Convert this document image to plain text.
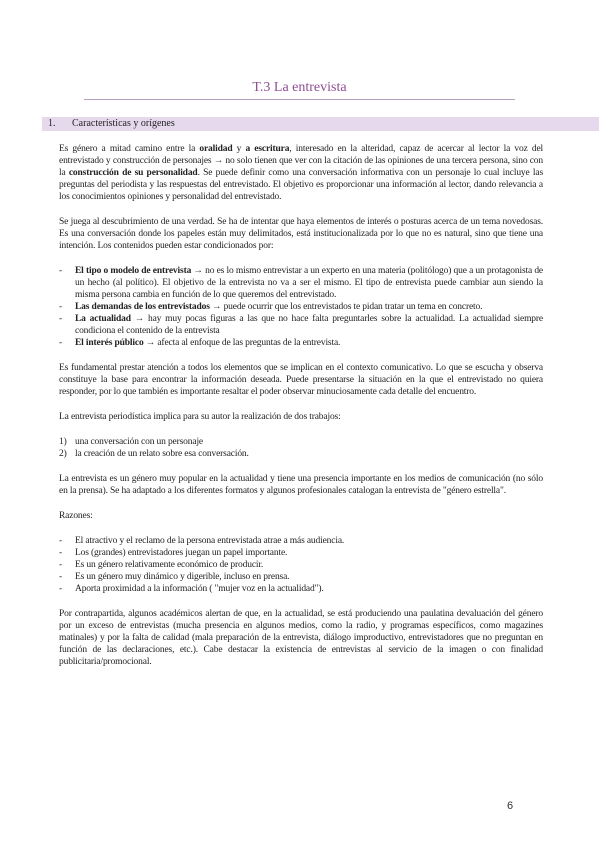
T.3 La entrevista
1. Características y orígenes

Es género a mitad camino entre la oralidad y a escritura, interesado en la alteridad, capaz de acercar al lector la voz del entrevistado y construcción de personajes → no solo tienen que ver con la citación de las opiniones de una tercera persona, sino con la construcción de su personalidad. Se puede definir como una conversación informativa con un personaje lo cual incluye las preguntas del periodista y las respuestas del entrevistado. El objetivo es proporcionar una información al lector, dando relevancia a los conocimientos opiniones y personalidad del entrevistado.

Se juega al descubrimiento de una verdad. Se ha de intentar que haya elementos de interés o posturas acerca de un tema novedosas. Es una conversación donde los papeles están muy delimitados, está institucionalizada por lo que no es natural, sino que tiene una intención. Los contenidos pueden estar condicionados por:

- El tipo o modelo de entrevista → no es lo mismo entrevistar a un experto en una materia (politólogo) que a un protagonista de un hecho (al político). El objetivo de la entrevista no va a ser el mismo. El tipo de entrevista puede cambiar aun siendo la misma persona cambia en función de lo que queremos del entrevistado.
- Las demandas de los entrevistados → puede ocurrir que los entrevistados te pidan tratar un tema en concreto.
- La actualidad → hay muy pocas figuras a las que no hace falta preguntarles sobre la actualidad. La actualidad siempre condiciona el contenido de la entrevista
- El interés público → afecta al enfoque de las preguntas de la entrevista.

Es fundamental prestar atención a todos los elementos que se implican en el contexto comunicativo. Lo que se escucha y observa constituye la base para encontrar la información deseada. Puede presentarse la situación en la que el entrevistado no quiera responder, por lo que también es importante resaltar el poder observar minuciosamente cada detalle del encuentro.

La entrevista periodística implica para su autor la realización de dos trabajos:

1) una conversación con un personaje
2) la creación de un relato sobre esa conversación.

La entrevista es un género muy popular en la actualidad y tiene una presencia importante en los medios de comunicación (no sólo en la prensa). Se ha adaptado a los diferentes formatos y algunos profesionales catalogan la entrevista de "género estrella".

Razones:

- El atractivo y el reclamo de la persona entrevistada atrae a más audiencia.
- Los (grandes) entrevistadores juegan un papel importante.
- Es un género relativamente económico de producir.
- Es un género muy dinámico y digerible, incluso en prensa.
- Aporta proximidad a la información ( "mujer voz en la actualidad").

Por contrapartida, algunos académicos alertan de que, en la actualidad, se está produciendo una paulatina devaluación del género por un exceso de entrevistas (mucha presencia en algunos medios, como la radio, y programas específicos, como magazines matinales) y por la falta de calidad (mala preparación de la entrevista, diálogo improductivo, entrevistadores que no preguntan en función de las declaraciones, etc.). Cabe destacar la existencia de entrevistas al servicio de la imagen o con finalidad publicitaria/promocional.

6
